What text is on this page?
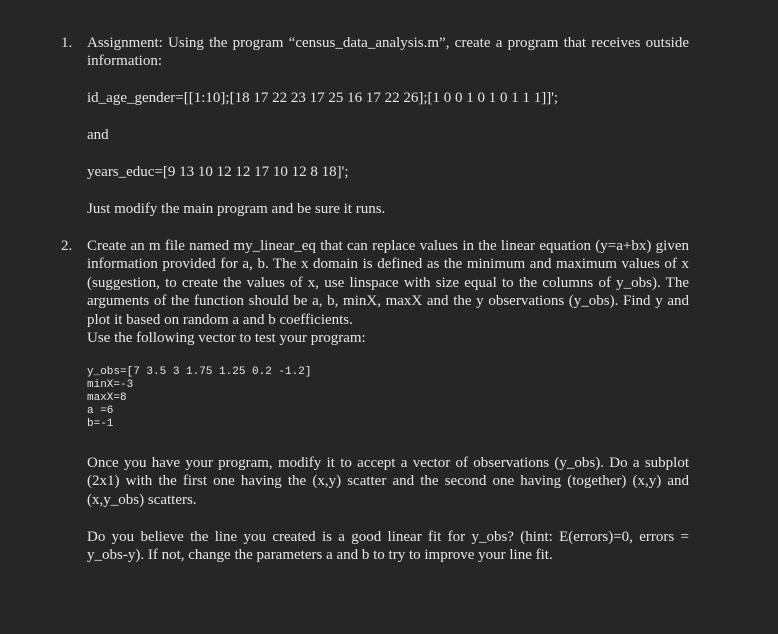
1. Assignment: Using the program “census_data_analysis.m”, create a program that receives outside information:
id_age_gender=[[1:10];[18 17 22 23 17 25 16 17 22 26];[1 0 0 1 0 1 0 1 1 1]]';
and
years_educ=[9 13 10 12 12 17 10 12 8 18]';
Just modify the main program and be sure it runs.
2. Create an m file named my_linear_eq that can replace values in the linear equation (y=a+bx) given information provided for a, b. The x domain is defined as the minimum and maximum values of x (suggestion, to create the values of x, use linspace with size equal to the columns of y_obs). The arguments of the function should be a, b, minX, maxX and the y observations (y_obs). Find y and plot it based on random a and b coefficients.
Use the following vector to test your program:
y_obs=[7 3.5 3 1.75 1.25 0.2 -1.2]
minX=-3
maxX=8
a =6
b=-1
Once you have your program, modify it to accept a vector of observations (y_obs). Do a subplot (2x1) with the first one having the (x,y) scatter and the second one having (together) (x,y) and (x,y_obs) scatters.
Do you believe the line you created is a good linear fit for y_obs? (hint: E(errors)=0, errors = y_obs-y). If not, change the parameters a and b to try to improve your line fit.
